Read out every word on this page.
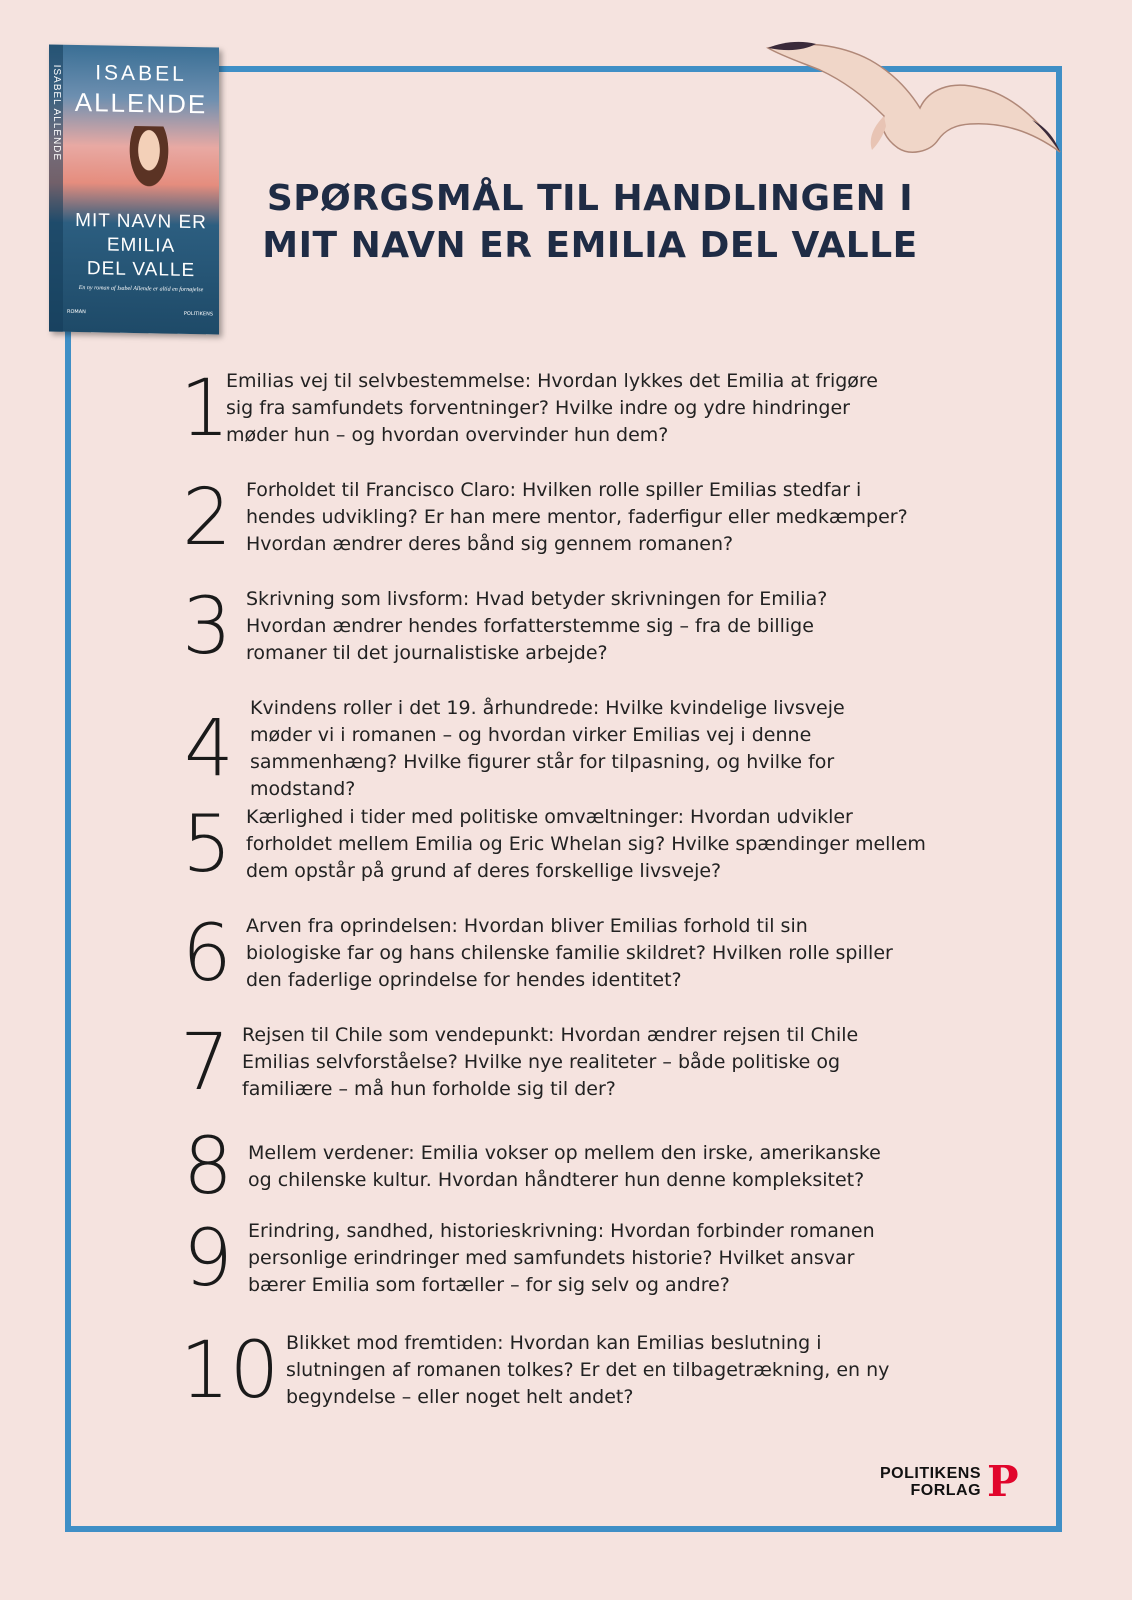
ISABEL ALLENDE	ISABEL
ALLENDE
MIT NAVN ER
EMILIA
DEL VALLE
En ny roman af Isabel Allende er altid en fornøjelse
ROMAN	POLITIKENS
SPØRGSMÅL TIL HANDLINGEN I
MIT NAVN ER EMILIA DEL VALLE
1
Emilias vej til selvbestemmelse: Hvordan lykkes det Emilia at frigøre sig fra samfundets forventninger? Hvilke indre og ydre hindringer møder hun – og hvordan overvinder hun dem?
2 Forholdet til Francisco Claro: Hvilken rolle spiller Emilias stedfar i hendes udvikling? Er han mere mentor, faderfigur eller medkæmper? Hvordan ændrer deres bånd sig gennem romanen?
3 Skrivning som livsform: Hvad betyder skrivningen for Emilia? Hvordan ændrer hendes forfatterstemme sig – fra de billige romaner til det journalistiske arbejde?
4 Kvindens roller i det 19. århundrede: Hvilke kvindelige livsveje møder vi i romanen – og hvordan virker Emilias vej i denne sammenhæng? Hvilke figurer står for tilpasning, og hvilke for modstand?
5 Kærlighed i tider med politiske omvæltninger: Hvordan udvikler forholdet mellem Emilia og Eric Whelan sig? Hvilke spændinger mellem dem opstår på grund af deres forskellige livsveje?
6 Arven fra oprindelsen: Hvordan bliver Emilias forhold til sin biologiske far og hans chilenske familie skildret? Hvilken rolle spiller den faderlige oprindelse for hendes identitet?
7 Rejsen til Chile som vendepunkt: Hvordan ændrer rejsen til Chile Emilias selvforståelse? Hvilke nye realiteter – både politiske og familiære – må hun forholde sig til der?
8 Mellem verdener: Emilia vokser op mellem den irske, amerikanske og chilenske kultur. Hvordan håndterer hun denne kompleksitet?
9 Erindring, sandhed, historieskrivning: Hvordan forbinder romanen personlige erindringer med samfundets historie? Hvilket ansvar bærer Emilia som fortæller – for sig selv og andre?
10 Blikket mod fremtiden: Hvordan kan Emilias beslutning i slutningen af romanen tolkes? Er det en tilbagetrækning, en ny begyndelse – eller noget helt andet?
POLITIKENS
FORLAG P
